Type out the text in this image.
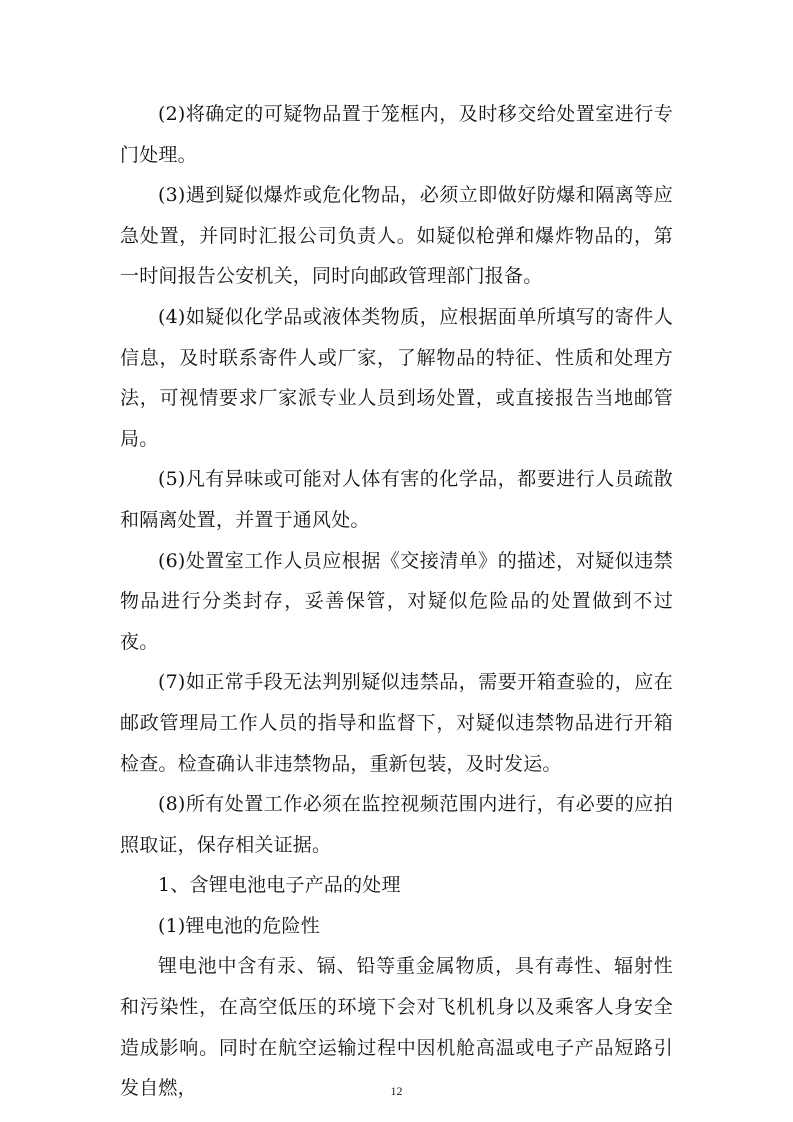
(2)将确定的可疑物品置于笼框内，及时移交给处置室进行专门处理。

(3)遇到疑似爆炸或危化物品，必须立即做好防爆和隔离等应急处置，并同时汇报公司负责人。如疑似枪弹和爆炸物品的，第一时间报告公安机关，同时向邮政管理部门报备。

(4)如疑似化学品或液体类物质，应根据面单所填写的寄件人信息，及时联系寄件人或厂家，了解物品的特征、性质和处理方法，可视情要求厂家派专业人员到场处置，或直接报告当地邮管局。

(5)凡有异味或可能对人体有害的化学品，都要进行人员疏散和隔离处置，并置于通风处。

(6)处置室工作人员应根据《交接清单》的描述，对疑似违禁物品进行分类封存，妥善保管，对疑似危险品的处置做到不过夜。

(7)如正常手段无法判别疑似违禁品，需要开箱查验的，应在邮政管理局工作人员的指导和监督下，对疑似违禁物品进行开箱检查。检查确认非违禁物品，重新包装，及时发运。

(8)所有处置工作必须在监控视频范围内进行，有必要的应拍照取证，保存相关证据。

1、含锂电池电子产品的处理

(1)锂电池的危险性

锂电池中含有汞、镉、铅等重金属物质，具有毒性、辐射性和污染性，在高空低压的环境下会对飞机机身以及乘客人身安全造成影响。同时在航空运输过程中因机舱高温或电子产品短路引发自燃，	12
